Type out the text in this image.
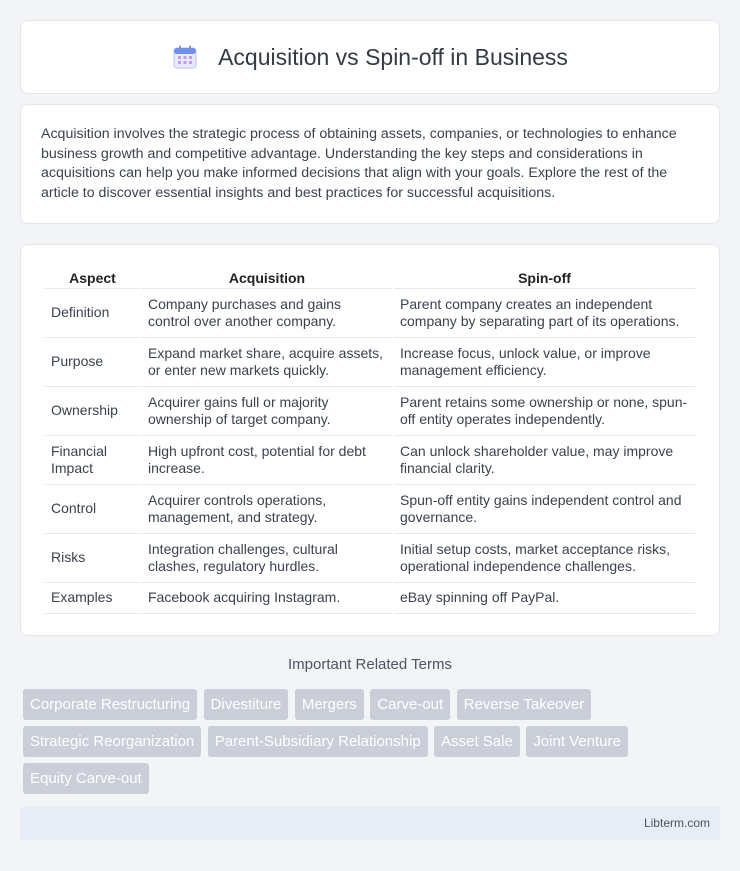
Acquisition vs Spin-off in Business

Acquisition involves the strategic process of obtaining assets, companies, or technologies to enhance business growth and competitive advantage. Understanding the key steps and considerations in acquisitions can help you make informed decisions that align with your goals. Explore the rest of the article to discover essential insights and best practices for successful acquisitions.

Aspect	Acquisition	Spin-off
Definition	Company purchases and gains control over another company.	Parent company creates an independent company by separating part of its operations.
Purpose	Expand market share, acquire assets, or enter new markets quickly.	Increase focus, unlock value, or improve management efficiency.
Ownership	Acquirer gains full or majority ownership of target company.	Parent retains some ownership or none, spun-off entity operates independently.
Financial Impact	High upfront cost, potential for debt increase.	Can unlock shareholder value, may improve financial clarity.
Control	Acquirer controls operations, management, and strategy.	Spun-off entity gains independent control and governance.
Risks	Integration challenges, cultural clashes, regulatory hurdles.	Initial setup costs, market acceptance risks, operational independence challenges.
Examples	Facebook acquiring Instagram.	eBay spinning off PayPal.
Important Related Terms
Corporate Restructuring Divestiture Mergers Carve-out Reverse Takeover Strategic Reorganization Parent-Subsidiary Relationship Asset Sale Joint Venture Equity Carve-out
Libterm.com
